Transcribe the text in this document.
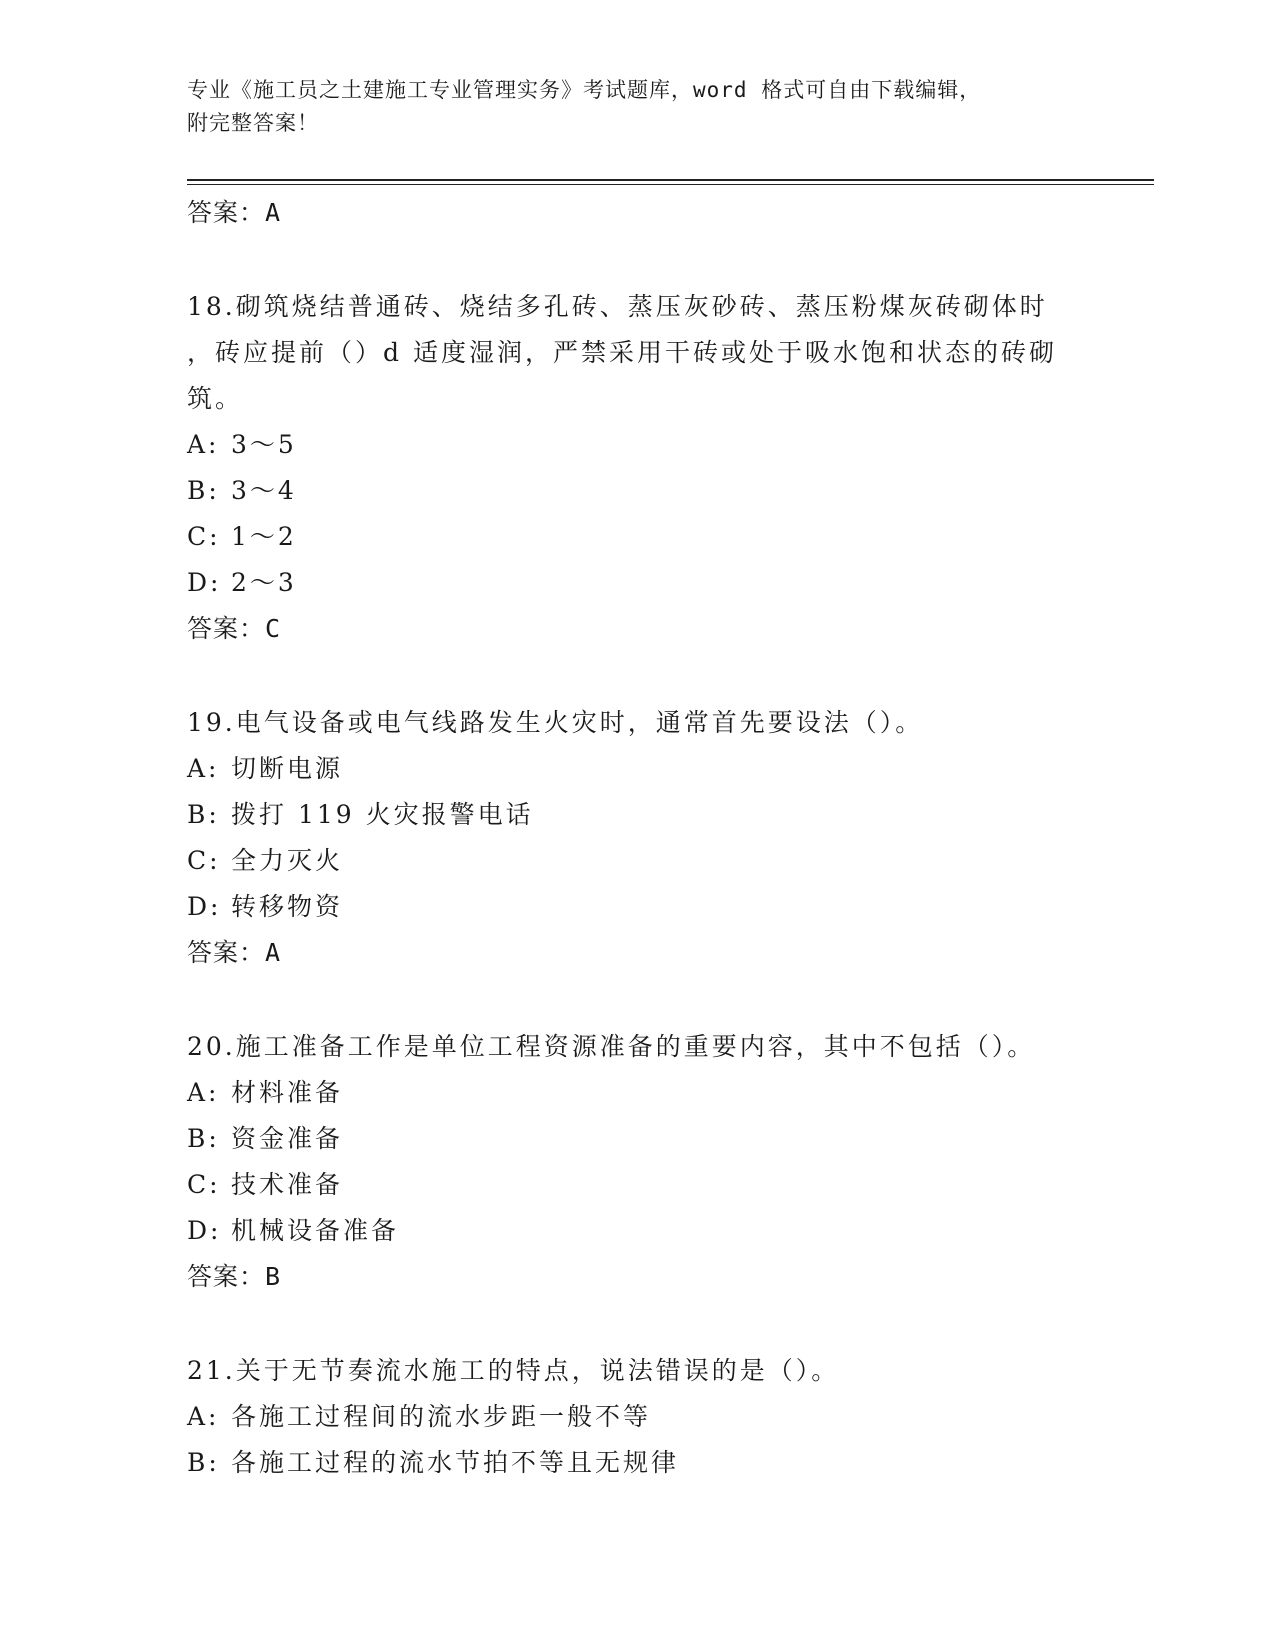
专业《施工员之土建施工专业管理实务》考试题库，word 格式可自由下载编辑，
附完整答案！
答案：A
18.砌筑烧结普通砖、烧结多孔砖、蒸压灰砂砖、蒸压粉煤灰砖砌体时
，砖应提前（）d 适度湿润，严禁采用干砖或处于吸水饱和状态的砖砌
筑。
A: 3～5
B: 3～4
C: 1～2
D: 2～3
答案：C
19.电气设备或电气线路发生火灾时，通常首先要设法（）。
A: 切断电源
B: 拨打 119 火灾报警电话
C: 全力灭火
D: 转移物资
答案：A
20.施工准备工作是单位工程资源准备的重要内容，其中不包括（）。
A: 材料准备
B: 资金准备
C: 技术准备
D: 机械设备准备
答案：B
21.关于无节奏流水施工的特点，说法错误的是（）。
A: 各施工过程间的流水步距一般不等
B: 各施工过程的流水节拍不等且无规律
